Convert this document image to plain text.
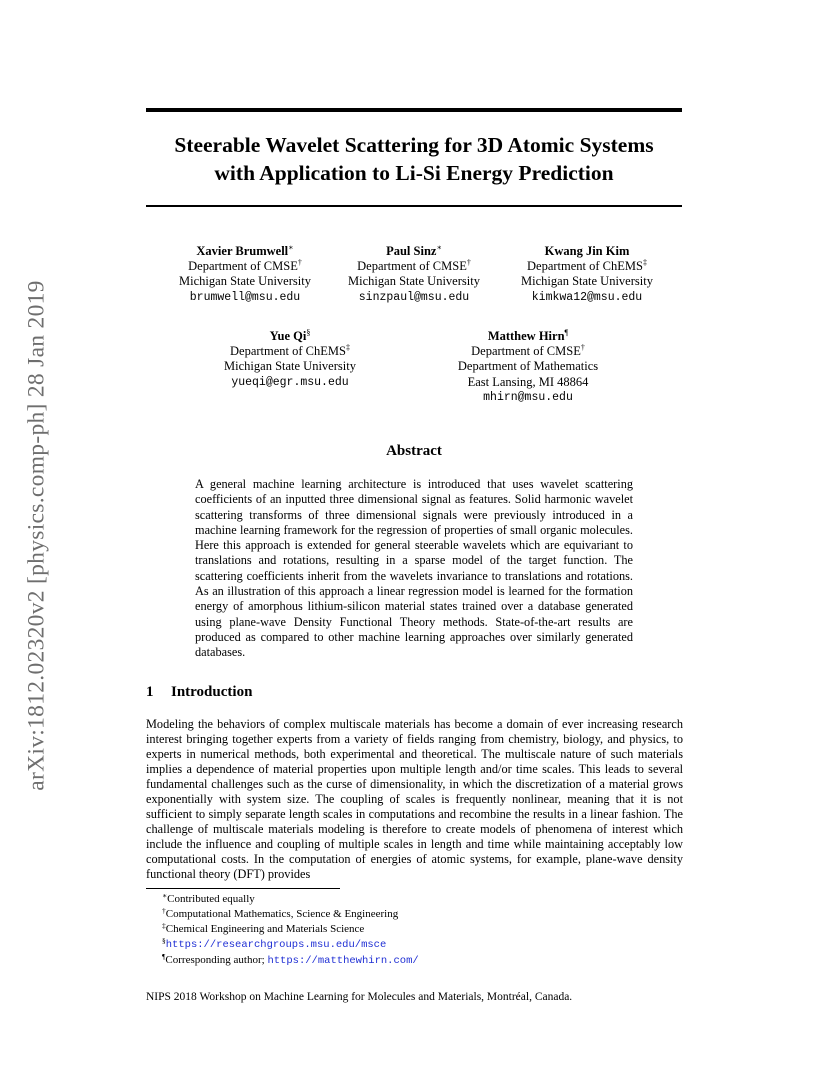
arXiv:1812.02320v2 [physics.comp-ph] 28 Jan 2019
Steerable Wavelet Scattering for 3D Atomic Systems
with Application to Li-Si Energy Prediction
Xavier Brumwell∗
Department of CMSE†
Michigan State University
brumwell@msu.edu
Paul Sinz∗
Department of CMSE†
Michigan State University
sinzpaul@msu.edu
Kwang Jin Kim
Department of ChEMS‡
Michigan State University
kimkwa12@msu.edu
Yue Qi§
Department of ChEMS‡
Michigan State University
yueqi@egr.msu.edu
Matthew Hirn¶
Department of CMSE†
Department of Mathematics
East Lansing, MI 48864
mhirn@msu.edu
Abstract
A general machine learning architecture is introduced that uses wavelet scattering coefficients of an inputted three dimensional signal as features. Solid harmonic wavelet scattering transforms of three dimensional signals were previously introduced in a machine learning framework for the regression of properties of small organic molecules. Here this approach is extended for general steerable wavelets which are equivariant to translations and rotations, resulting in a sparse model of the target function. The scattering coefficients inherit from the wavelets invariance to translations and rotations. As an illustration of this approach a linear regression model is learned for the formation energy of amorphous lithium-silicon material states trained over a database generated using plane-wave Density Functional Theory methods. State-of-the-art results are produced as compared to other machine learning approaches over similarly generated databases.
1 Introduction
Modeling the behaviors of complex multiscale materials has become a domain of ever increasing research interest bringing together experts from a variety of fields ranging from chemistry, biology, and physics, to experts in numerical methods, both experimental and theoretical. The multiscale nature of such materials implies a dependence of material properties upon multiple length and/or time scales. This leads to several fundamental challenges such as the curse of dimensionality, in which the discretization of a material grows exponentially with system size. The coupling of scales is frequently nonlinear, meaning that it is not sufficient to simply separate length scales in computations and recombine the results in a linear fashion. The challenge of multiscale materials modeling is therefore to create models of phenomena of interest which include the influence and coupling of multiple scales in length and time while maintaining acceptably low computational costs. In the computation of energies of atomic systems, for example, plane-wave density functional theory (DFT) provides
∗Contributed equally
†Computational Mathematics, Science & Engineering
‡Chemical Engineering and Materials Science
§https://researchgroups.msu.edu/msce
¶Corresponding author; https://matthewhirn.com/
NIPS 2018 Workshop on Machine Learning for Molecules and Materials, Montréal, Canada.
